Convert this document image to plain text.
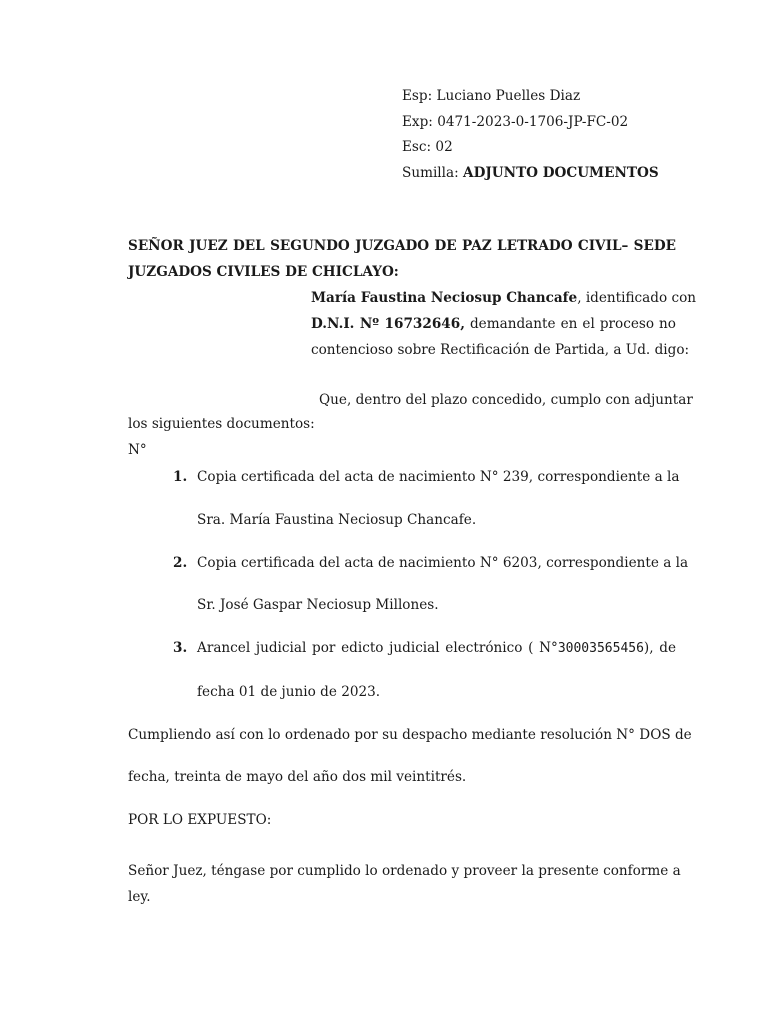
Esp: Luciano Puelles Diaz
Exp: 0471-2023-0-1706-JP-FC-02
Esc: 02
Sumilla: ADJUNTO DOCUMENTOS
SEÑOR JUEZ DEL SEGUNDO JUZGADO DE PAZ LETRADO CIVIL– SEDE
JUZGADOS CIVILES DE CHICLAYO:
María Faustina Neciosup Chancafe, identificado con
D.N.I. Nº 16732646, demandante en el proceso no
contencioso sobre Rectificación de Partida, a Ud. digo:
Que, dentro del plazo concedido, cumplo con adjuntar
los siguientes documentos:
N°
1. Copia certificada del acta de nacimiento N° 239, correspondiente a la
Sra. María Faustina Neciosup Chancafe.
2. Copia certificada del acta de nacimiento N° 6203, correspondiente a la
Sr. José Gaspar Neciosup Millones.
3. Arancel judicial por edicto judicial electrónico ( N°30003565456), de
fecha 01 de junio de 2023.
Cumpliendo así con lo ordenado por su despacho mediante resolución N° DOS de
fecha, treinta de mayo del año dos mil veintitrés.
POR LO EXPUESTO:
Señor Juez, téngase por cumplido lo ordenado y proveer la presente conforme a
ley.
